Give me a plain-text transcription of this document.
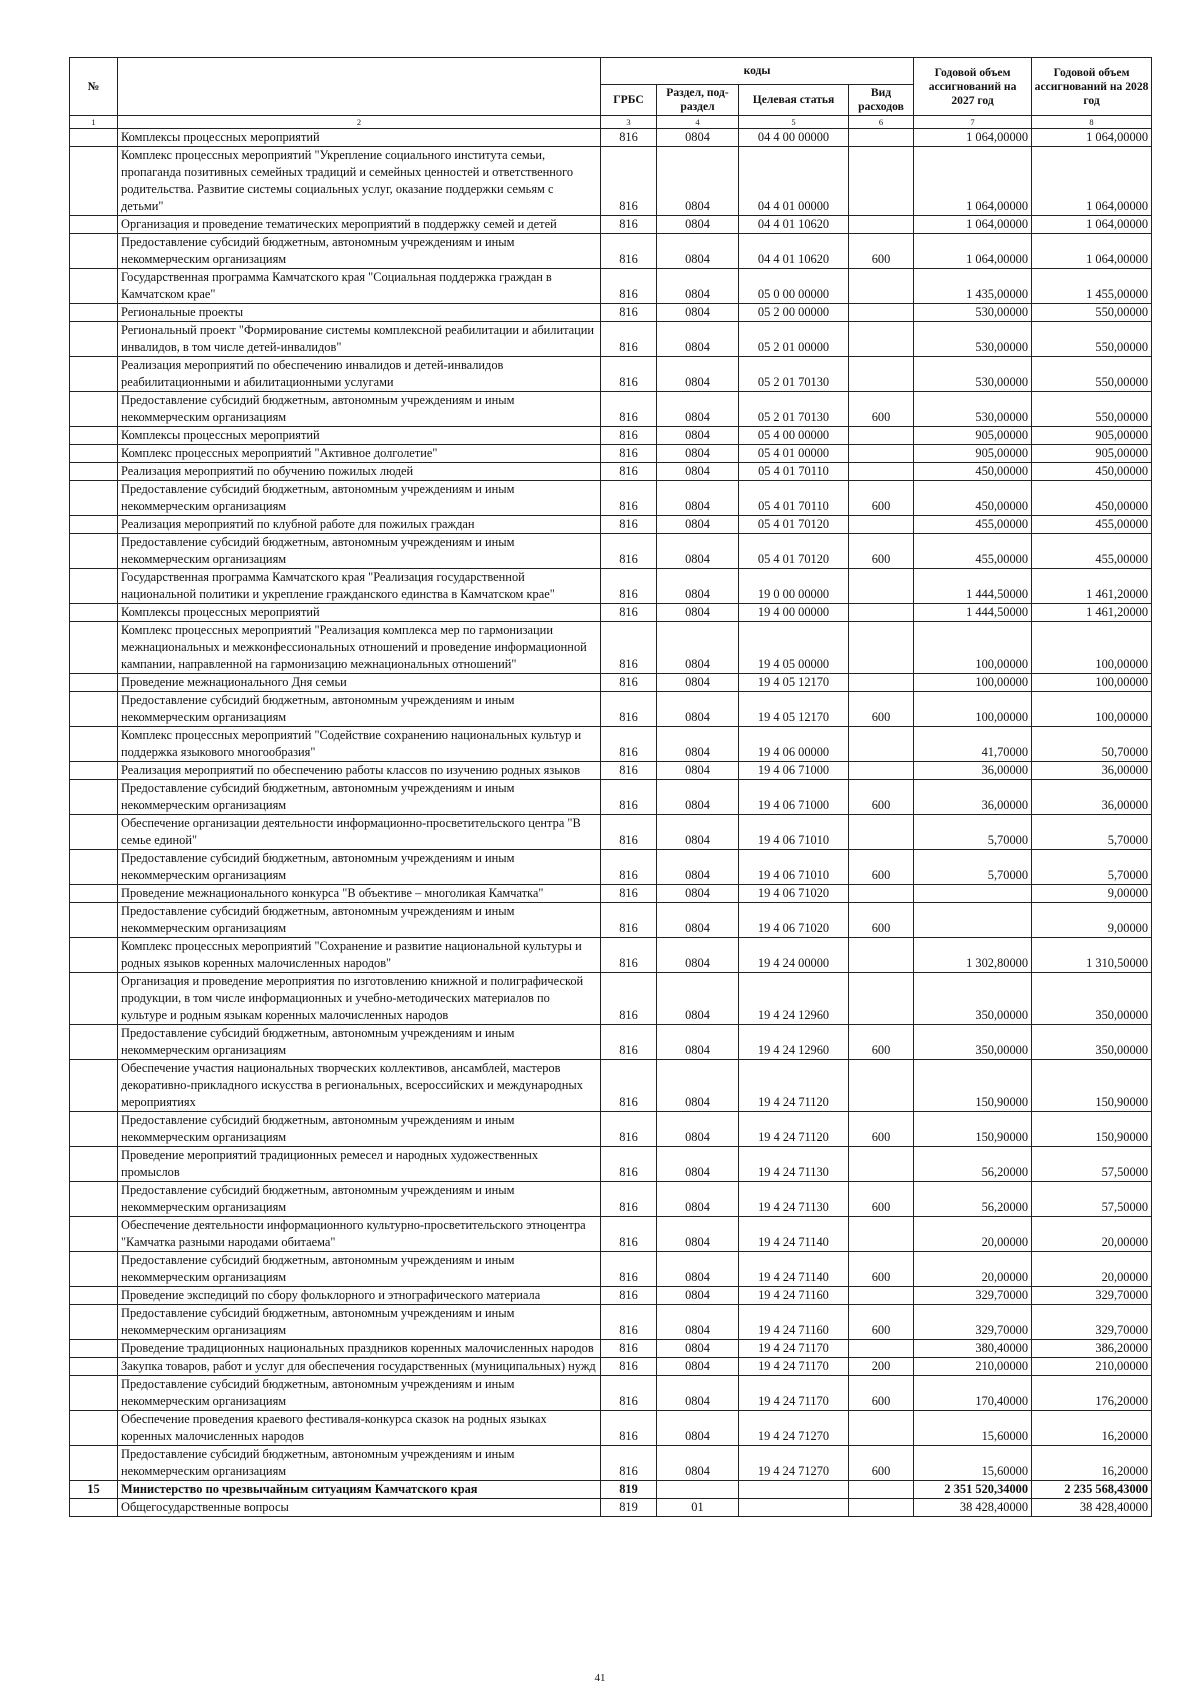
№		коды				Годовой объем ассигнований на 2027 год	Годовой объем ассигнований на 2028 год
		ГРБС	Раздел, под-раздел	Целевая статья	Вид расходов		
1	2	3	4	5	6	7	8
	Комплексы процессных мероприятий	816	0804	04 4 00 00000		1 064,00000	1 064,00000
	Комплекс процессных мероприятий "Укрепление социального института семьи, пропаганда позитивных семейных традиций и семейных ценностей и ответственного родительства. Развитие системы социальных услуг, оказание поддержки семьям с детьми"	816	0804	04 4 01 00000		1 064,00000	1 064,00000
	Организация и проведение тематических мероприятий в поддержку семей и детей	816	0804	04 4 01 10620		1 064,00000	1 064,00000
	Предоставление субсидий бюджетным, автономным учреждениям и иным некоммерческим организациям	816	0804	04 4 01 10620	600	1 064,00000	1 064,00000
	Государственная программа Камчатского края "Социальная поддержка граждан в Камчатском крае"	816	0804	05 0 00 00000		1 435,00000	1 455,00000
	Региональные проекты	816	0804	05 2 00 00000		530,00000	550,00000
	Региональный проект "Формирование системы комплексной реабилитации и абилитации инвалидов, в том числе детей-инвалидов"	816	0804	05 2 01 00000		530,00000	550,00000
	Реализация мероприятий по обеспечению инвалидов и детей-инвалидов реабилитационными и абилитационными услугами	816	0804	05 2 01 70130		530,00000	550,00000
	Предоставление субсидий бюджетным, автономным учреждениям и иным некоммерческим организациям	816	0804	05 2 01 70130	600	530,00000	550,00000
	Комплексы процессных мероприятий	816	0804	05 4 00 00000		905,00000	905,00000
	Комплекс процессных мероприятий "Активное долголетие"	816	0804	05 4 01 00000		905,00000	905,00000
	Реализация мероприятий по обучению пожилых людей	816	0804	05 4 01 70110		450,00000	450,00000
	Предоставление субсидий бюджетным, автономным учреждениям и иным некоммерческим организациям	816	0804	05 4 01 70110	600	450,00000	450,00000
	Реализация мероприятий по клубной работе для пожилых граждан	816	0804	05 4 01 70120		455,00000	455,00000
	Предоставление субсидий бюджетным, автономным учреждениям и иным некоммерческим организациям	816	0804	05 4 01 70120	600	455,00000	455,00000
	Государственная программа Камчатского края "Реализация государственной национальной политики и укрепление гражданского единства в Камчатском крае"	816	0804	19 0 00 00000		1 444,50000	1 461,20000
	Комплексы процессных мероприятий	816	0804	19 4 00 00000		1 444,50000	1 461,20000
	Комплекс процессных мероприятий "Реализация комплекса мер по гармонизации межнациональных и межконфессиональных отношений и проведение информационной кампании, направленной на гармонизацию межнациональных отношений"	816	0804	19 4 05 00000		100,00000	100,00000
	Проведение межнационального Дня семьи	816	0804	19 4 05 12170		100,00000	100,00000
	Предоставление субсидий бюджетным, автономным учреждениям и иным некоммерческим организациям	816	0804	19 4 05 12170	600	100,00000	100,00000
	Комплекс процессных мероприятий "Содействие сохранению национальных культур и поддержка языкового многообразия"	816	0804	19 4 06 00000		41,70000	50,70000
	Реализация мероприятий по обеспечению работы классов по изучению родных языков	816	0804	19 4 06 71000		36,00000	36,00000
	Предоставление субсидий бюджетным, автономным учреждениям и иным некоммерческим организациям	816	0804	19 4 06 71000	600	36,00000	36,00000
	Обеспечение организации деятельности информационно-просветительского центра "В семье единой"	816	0804	19 4 06 71010		5,70000	5,70000
	Предоставление субсидий бюджетным, автономным учреждениям и иным некоммерческим организациям	816	0804	19 4 06 71010	600	5,70000	5,70000
	Проведение межнационального конкурса "В объективе – многоликая Камчатка"	816	0804	19 4 06 71020			9,00000
	Предоставление субсидий бюджетным, автономным учреждениям и иным некоммерческим организациям	816	0804	19 4 06 71020	600		9,00000
	Комплекс процессных мероприятий "Сохранение и развитие национальной культуры и родных языков коренных малочисленных народов"	816	0804	19 4 24 00000		1 302,80000	1 310,50000
	Организация и проведение мероприятия по изготовлению книжной и полиграфической продукции, в том числе информационных и учебно-методических материалов по культуре и родным языкам коренных малочисленных народов	816	0804	19 4 24 12960		350,00000	350,00000
	Предоставление субсидий бюджетным, автономным учреждениям и иным некоммерческим организациям	816	0804	19 4 24 12960	600	350,00000	350,00000
	Обеспечение участия национальных творческих коллективов, ансамблей, мастеров декоративно-прикладного искусства в региональных, всероссийских и международных мероприятиях	816	0804	19 4 24 71120		150,90000	150,90000
	Предоставление субсидий бюджетным, автономным учреждениям и иным некоммерческим организациям	816	0804	19 4 24 71120	600	150,90000	150,90000
	Проведение мероприятий традиционных ремесел и народных художественных промыслов	816	0804	19 4 24 71130		56,20000	57,50000
	Предоставление субсидий бюджетным, автономным учреждениям и иным некоммерческим организациям	816	0804	19 4 24 71130	600	56,20000	57,50000
	Обеспечение деятельности информационного культурно-просветительского этноцентра "Камчатка разными народами обитаема"	816	0804	19 4 24 71140		20,00000	20,00000
	Предоставление субсидий бюджетным, автономным учреждениям и иным некоммерческим организациям	816	0804	19 4 24 71140	600	20,00000	20,00000
	Проведение экспедиций по сбору фольклорного и этнографического материала	816	0804	19 4 24 71160		329,70000	329,70000
	Предоставление субсидий бюджетным, автономным учреждениям и иным некоммерческим организациям	816	0804	19 4 24 71160	600	329,70000	329,70000
	Проведение традиционных национальных праздников коренных малочисленных народов	816	0804	19 4 24 71170		380,40000	386,20000
	Закупка товаров, работ и услуг для обеспечения государственных (муниципальных) нужд	816	0804	19 4 24 71170	200	210,00000	210,00000
	Предоставление субсидий бюджетным, автономным учреждениям и иным некоммерческим организациям	816	0804	19 4 24 71170	600	170,40000	176,20000
	Обеспечение проведения краевого фестиваля-конкурса сказок на родных языках коренных малочисленных народов	816	0804	19 4 24 71270		15,60000	16,20000
	Предоставление субсидий бюджетным, автономным учреждениям и иным некоммерческим организациям	816	0804	19 4 24 71270	600	15,60000	16,20000
15	Министерство по чрезвычайным ситуациям Камчатского края	819				2 351 520,34000	2 235 568,43000
	Общегосударственные вопросы	819	01			38 428,40000	38 428,40000
41
